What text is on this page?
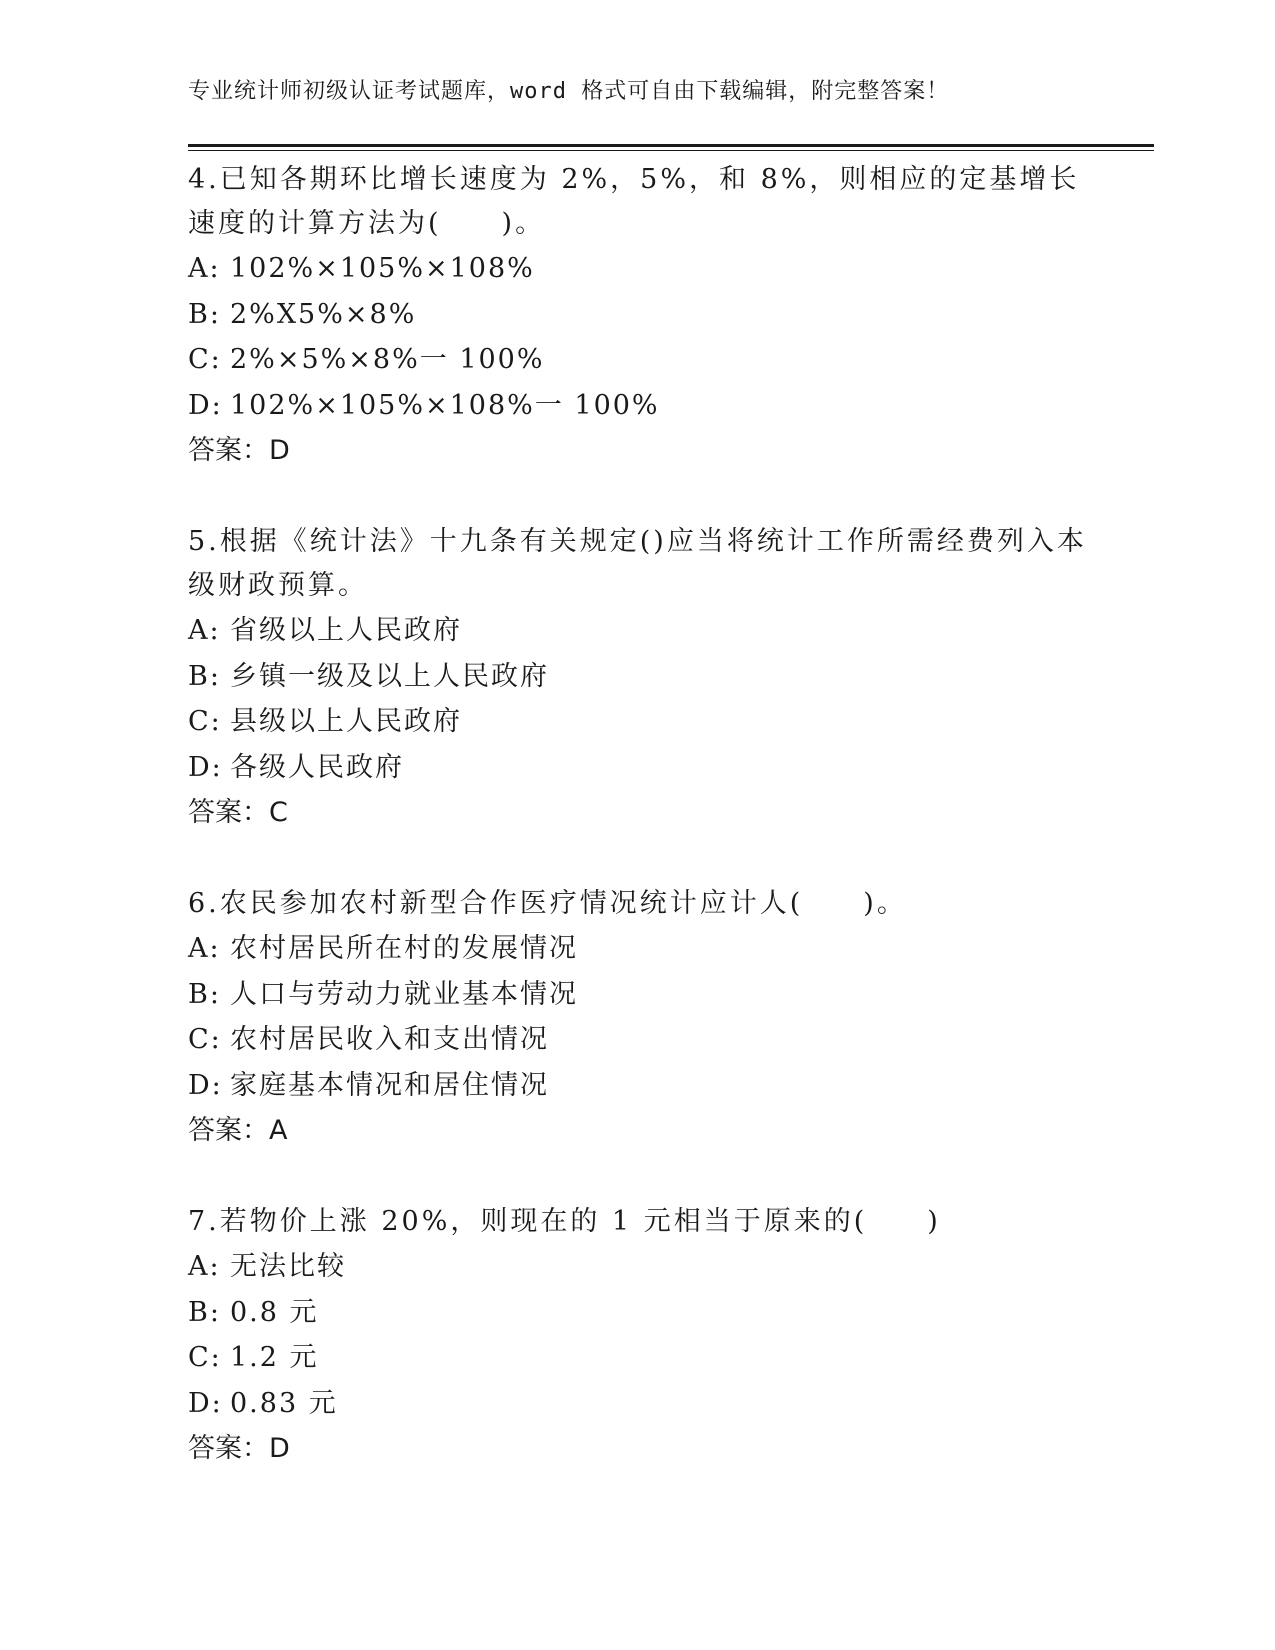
专业统计师初级认证考试题库，word 格式可自由下载编辑，附完整答案！

4.已知各期环比增长速度为 2%，5%，和 8%，则相应的定基增长速度的计算方法为(　　)。

A: 102%×105%×108%

B: 2%X5%×8%

C: 2%×5%×8%一 100%

D: 102%×105%×108%一 100%

答案：D

5.根据《统计法》十九条有关规定()应当将统计工作所需经费列入本级财政预算。

A: 省级以上人民政府

B: 乡镇一级及以上人民政府

C: 县级以上人民政府

D: 各级人民政府

答案：C

6.农民参加农村新型合作医疗情况统计应计人(　　)。

A: 农村居民所在村的发展情况

B: 人口与劳动力就业基本情况

C: 农村居民收入和支出情况

D: 家庭基本情况和居住情况

答案：A

7.若物价上涨 20%，则现在的 1 元相当于原来的(　　)

A: 无法比较

B: 0.8 元

C: 1.2 元

D: 0.83 元

答案：D
